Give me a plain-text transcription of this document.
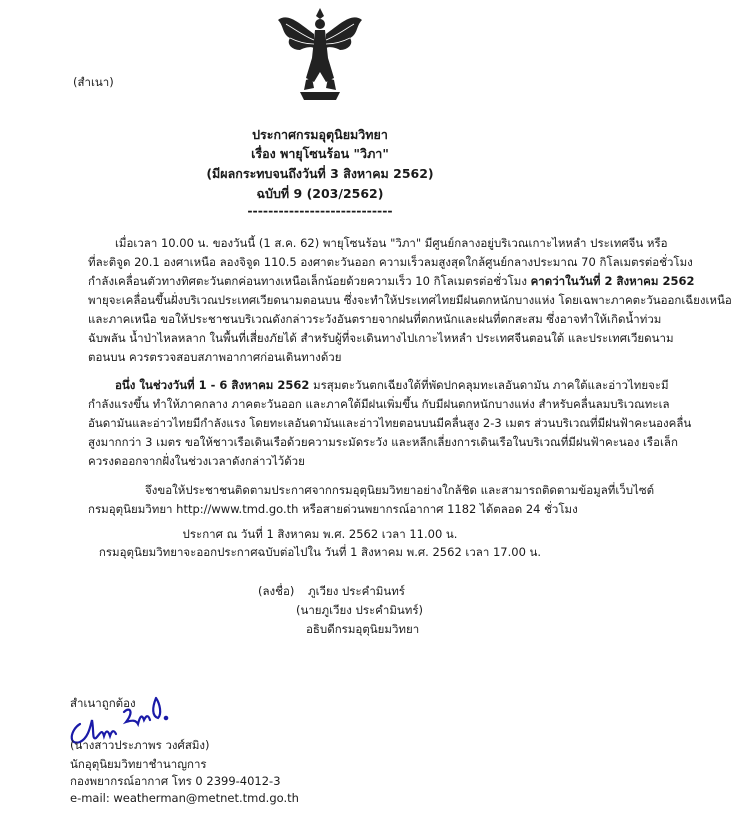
(สำเนา)
ประกาศกรมอุตุนิยมวิทยา
เรื่อง พายุโซนร้อน "วิภา"
(มีผลกระทบจนถึงวันที่ 3 สิงหาคม 2562)
ฉบับที่ 9 (203/2562)
----------------------------
เมื่อเวลา 10.00 น. ของวันนี้ (1 ส.ค. 62) พายุโซนร้อน "วิภา" มีศูนย์กลางอยู่บริเวณเกาะไหหลำ ประเทศจีน หรือ
ที่ละติจูด 20.1 องศาเหนือ ลองจิจูด 110.5 องศาตะวันออก ความเร็วลมสูงสุดใกล้ศูนย์กลางประมาณ 70 กิโลเมตรต่อชั่วโมง
กำลังเคลื่อนตัวทางทิศตะวันตกค่อนทางเหนือเล็กน้อยด้วยความเร็ว 10 กิโลเมตรต่อชั่วโมง คาดว่าในวันที่ 2 สิงหาคม 2562
พายุจะเคลื่อนขึ้นฝั่งบริเวณประเทศเวียดนามตอนบน ซึ่งจะทำให้ประเทศไทยมีฝนตกหนักบางแห่ง โดยเฉพาะภาคตะวันออกเฉียงเหนือ
และภาคเหนือ ขอให้ประชาชนบริเวณดังกล่าวระวังอันตรายจากฝนที่ตกหนักและฝนที่ตกสะสม ซึ่งอาจทำให้เกิดน้ำท่วม
ฉับพลัน น้ำป่าไหลหลาก ในพื้นที่เสี่ยงภัยได้ สำหรับผู้ที่จะเดินทางไปเกาะไหหลำ ประเทศจีนตอนใต้ และประเทศเวียดนาม
ตอนบน ควรตรวจสอบสภาพอากาศก่อนเดินทางด้วย
อนึ่ง ในช่วงวันที่ 1 - 6 สิงหาคม 2562 มรสุมตะวันตกเฉียงใต้ที่พัดปกคลุมทะเลอันดามัน ภาคใต้และอ่าวไทยจะมี
กำลังแรงขึ้น ทำให้ภาคกลาง ภาคตะวันออก และภาคใต้มีฝนเพิ่มขึ้น กับมีฝนตกหนักบางแห่ง สำหรับคลื่นลมบริเวณทะเล
อันดามันและอ่าวไทยมีกำลังแรง โดยทะเลอันดามันและอ่าวไทยตอนบนมีคลื่นสูง 2-3 เมตร ส่วนบริเวณที่มีฝนฟ้าคะนองคลื่น
สูงมากกว่า 3 เมตร ขอให้ชาวเรือเดินเรือด้วยความระมัดระวัง และหลีกเลี่ยงการเดินเรือในบริเวณที่มีฝนฟ้าคะนอง เรือเล็ก
ควรงดออกจากฝั่งในช่วงเวลาดังกล่าวไว้ด้วย
จึงขอให้ประชาชนติดตามประกาศจากกรมอุตุนิยมวิทยาอย่างใกล้ชิด และสามารถติดตามข้อมูลที่เว็บไซต์
กรมอุตุนิยมวิทยา http://www.tmd.go.th หรือสายด่วนพยากรณ์อากาศ 1182 ได้ตลอด 24 ชั่วโมง
ประกาศ ณ วันที่ 1 สิงหาคม พ.ศ. 2562 เวลา 11.00 น.
กรมอุตุนิยมวิทยาจะออกประกาศฉบับต่อไปใน วันที่ 1 สิงหาคม พ.ศ. 2562 เวลา 17.00 น.
(ลงชื่อ) ภูเวียง ประคำมินทร์
(นายภูเวียง ประคำมินทร์)
อธิบดีกรมอุตุนิยมวิทยา
สำเนาถูกต้อง
(นางสาวประภาพร วงศ์สมิง)
นักอุตุนิยมวิทยาชำนาญการ
กองพยากรณ์อากาศ โทร 0 2399-4012-3
e-mail: weatherman@metnet.tmd.go.th
